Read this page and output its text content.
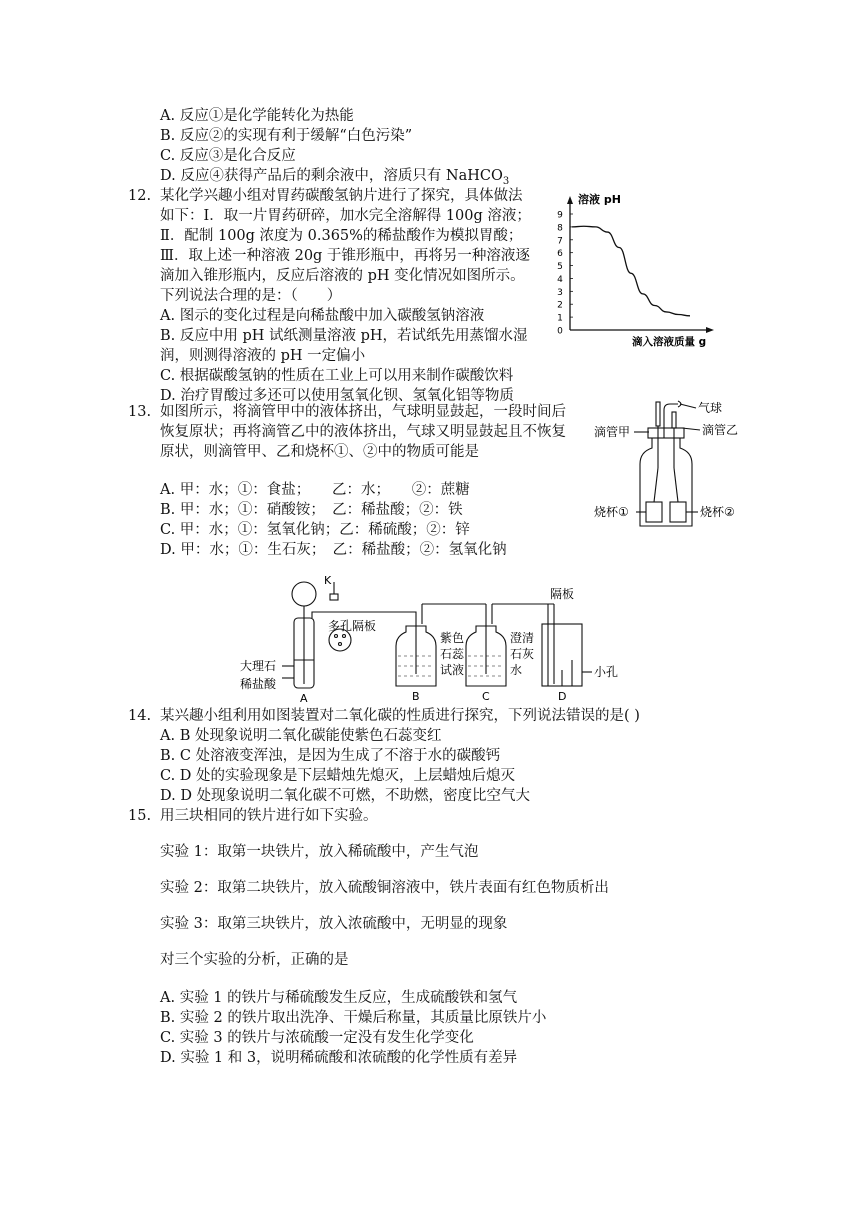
A. 反应①是化学能转化为热能
B. 反应②的实现有利于缓解“白色污染”
C. 反应③是化合反应
D. 反应④获得产品后的剩余液中，溶质只有 NaHCO$_3$
12. 某化学兴趣小组对胃药碳酸氢钠片进行了探究，具体做法
如下：Ⅰ．取一片胃药研碎，加水完全溶解得 100g 溶液；
Ⅱ．配制 100g 浓度为 0.365%的稀盐酸作为模拟胃酸；
Ⅲ．取上述一种溶液 20g 于锥形瓶中，再将另一种溶液逐
滴加入锥形瓶内，反应后溶液的 pH 变化情况如图所示。
下列说法合理的是：（　　）
A. 图示的变化过程是向稀盐酸中加入碳酸氢钠溶液
B. 反应中用 pH 试纸测量溶液 pH，若试纸先用蒸馏水湿
润，则测得溶液的 pH 一定偏小
C. 根据碳酸氢钠的性质在工业上可以用来制作碳酸饮料
D. 治疗胃酸过多还可以使用氢氧化钡、氢氧化铝等物质
溶液 pH
滴入溶液质量 g
0
1
2
3
4
5
6
7
8
9
13. 如图所示，将滴管甲中的液体挤出，气球明显鼓起，一段时间后
恢复原状；再将滴管乙中的液体挤出，气球又明显鼓起且不恢复
原状，则滴管甲、乙和烧杯①、②中的物质可能是
A. 甲：水；①：食盐；　　乙：水；　　②：蔗糖
B. 甲：水；①：硝酸铵；　乙：稀盐酸；②：铁
C. 甲：水；①：氢氧化钠；乙：稀硫酸；②：锌
D. 甲：水；①：生石灰；　乙：稀盐酸；②：氢氧化钠
气球
滴管甲	滴管乙
烧杯①	烧杯②
K
多孔隔板
大理石
稀盐酸
紫色
石蕊
试液
澄清
石灰
水
隔板
小孔
A	B	C	D
14. 某兴趣小组利用如图装置对二氧化碳的性质进行探究，下列说法错误的是( )
A. B 处现象说明二氧化碳能使紫色石蕊变红
B. C 处溶液变浑浊，是因为生成了不溶于水的碳酸钙
C. D 处的实验现象是下层蜡烛先熄灭，上层蜡烛后熄灭
D. D 处现象说明二氧化碳不可燃，不助燃，密度比空气大
15. 用三块相同的铁片进行如下实验。
实验 1：取第一块铁片，放入稀硫酸中，产生气泡
实验 2：取第二块铁片，放入硫酸铜溶液中，铁片表面有红色物质析出
实验 3：取第三块铁片，放入浓硫酸中，无明显的现象
对三个实验的分析，正确的是
A. 实验 1 的铁片与稀硫酸发生反应，生成硫酸铁和氢气
B. 实验 2 的铁片取出洗净、干燥后称量，其质量比原铁片小
C. 实验 3 的铁片与浓硫酸一定没有发生化学变化
D. 实验 1 和 3，说明稀硫酸和浓硫酸的化学性质有差异
